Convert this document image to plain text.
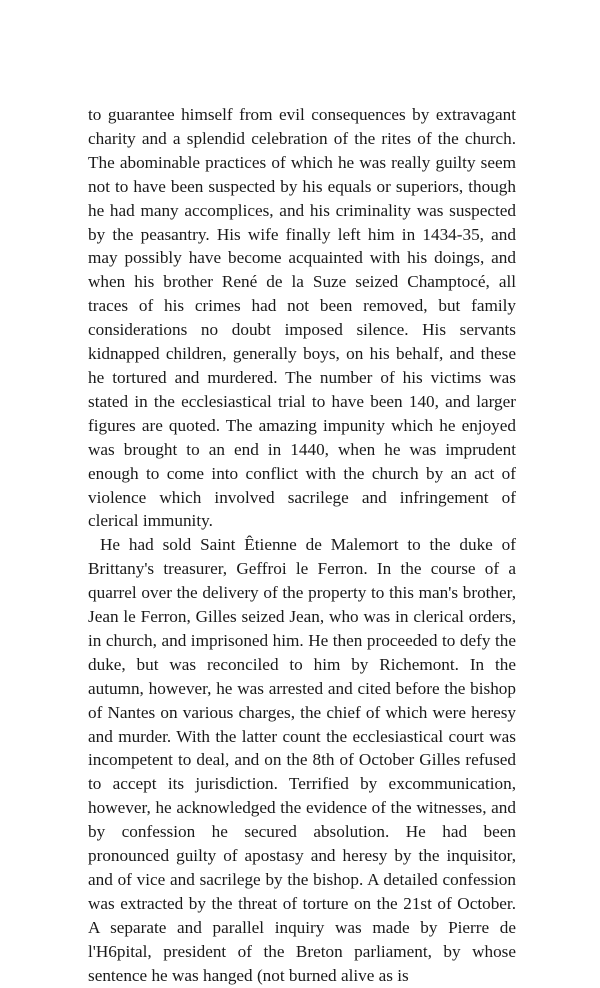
to guarantee himself from evil consequences by extravagant charity and a splendid celebration of the rites of the church. The abominable practices of which he was really guilty seem not to have been suspected by his equals or superiors, though he had many accomplices, and his criminality was suspected by the peasantry. His wife finally left him in 1434-35, and may possibly have become acquainted with his doings, and when his brother René de la Suze seized Champtocé, all traces of his crimes had not been removed, but family considerations no doubt imposed silence. His servants kidnapped children, generally boys, on his behalf, and these he tortured and murdered. The number of his victims was stated in the ecclesiastical trial to have been 140, and larger figures are quoted. The amazing impunity which he enjoyed was brought to an end in 1440, when he was imprudent enough to come into conflict with the church by an act of violence which involved sacrilege and infringement of clerical immunity.

He had sold Saint Êtienne de Malemort to the duke of Brittany's treasurer, Geffroi le Ferron. In the course of a quarrel over the delivery of the property to this man's brother, Jean le Ferron, Gilles seized Jean, who was in clerical orders, in church, and imprisoned him. He then proceeded to defy the duke, but was reconciled to him by Richemont. In the autumn, however, he was arrested and cited before the bishop of Nantes on various charges, the chief of which were heresy and murder. With the latter count the ecclesiastical court was incompetent to deal, and on the 8th of October Gilles refused to accept its jurisdiction. Terrified by excommunication, however, he acknowledged the evidence of the witnesses, and by confession he secured absolution. He had been pronounced guilty of apostasy and heresy by the inquisitor, and of vice and sacrilege by the bishop. A detailed confession was extracted by the threat of torture on the 21st of October. A separate and parallel inquiry was made by Pierre de l'H6pital, president of the Breton parliament, by whose sentence he was hanged (not burned alive as is
